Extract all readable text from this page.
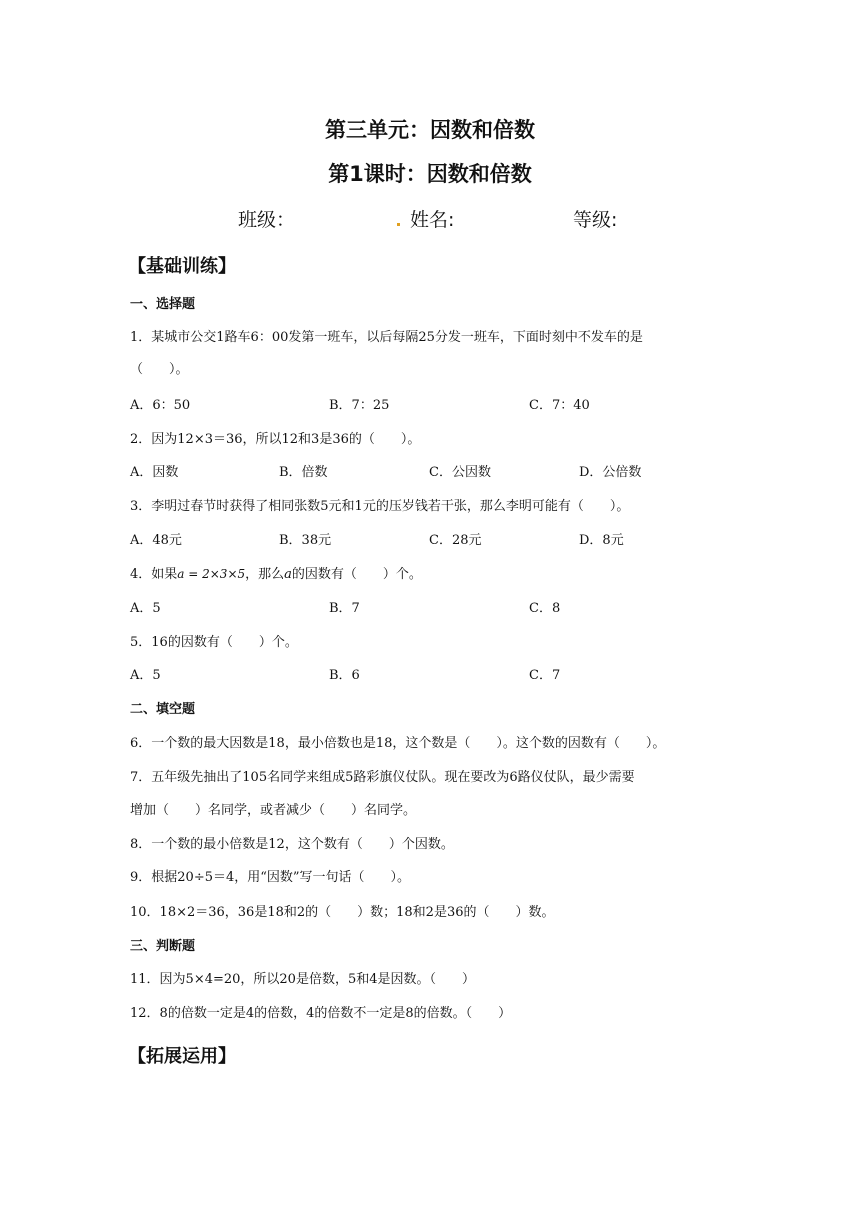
第三单元：因数和倍数
第1课时：因数和倍数
班级：	姓名:	等级:
【基础训练】
一、选择题
1．某城市公交1路车6：00发第一班车，以后每隔25分发一班车，下面时刻中不发车的是
（　　）。
A．6：50	B．7：25	C．7：40
2．因为12×3＝36，所以12和3是36的（　　）。
A．因数	B．倍数	C．公因数	D．公倍数
3．李明过春节时获得了相同张数5元和1元的压岁钱若干张，那么李明可能有（　　）。
A．48元	B．38元	C．28元	D．8元
4．如果a = 2×3×5，那么a的因数有（　　）个。
A．5	B．7	C．8
5．16的因数有（　　）个。
A．5	B．6	C．7
二、填空题
6．一个数的最大因数是18，最小倍数也是18，这个数是（　　）。这个数的因数有（　　）。
7．五年级先抽出了105名同学来组成5路彩旗仪仗队。现在要改为6路仪仗队，最少需要
增加（　　）名同学，或者减少（　　）名同学。
8．一个数的最小倍数是12，这个数有（　　）个因数。
9．根据20÷5＝4，用“因数”写一句话（　　）。
10．18×2＝36，36是18和2的（　　）数；18和2是36的（　　）数。
三、判断题
11．因为5×4=20，所以20是倍数，5和4是因数。（　　）
12．8的倍数一定是4的倍数，4的倍数不一定是8的倍数。（　　）
【拓展运用】
